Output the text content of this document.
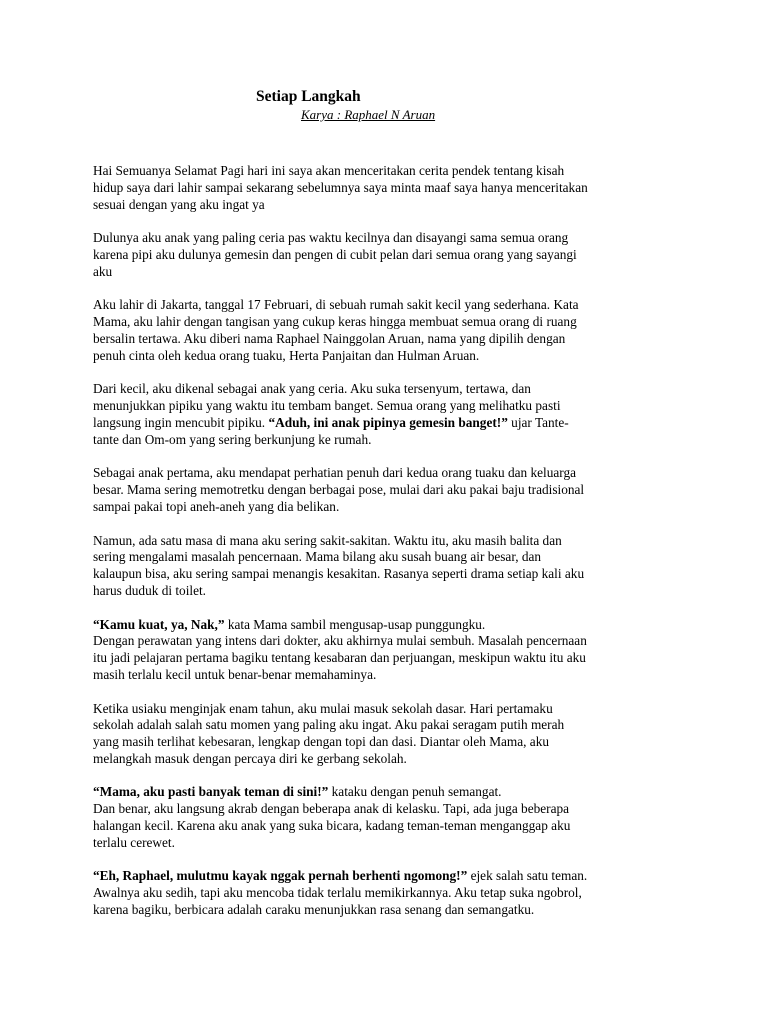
Setiap Langkah
Karya : Raphael N Aruan

Hai Semuanya Selamat Pagi hari ini saya akan menceritakan cerita pendek tentang kisah
hidup saya dari lahir sampai sekarang sebelumnya saya minta maaf saya hanya menceritakan
sesuai dengan yang aku ingat ya

Dulunya aku anak yang paling ceria pas waktu kecilnya dan disayangi sama semua orang
karena pipi aku dulunya gemesin dan pengen di cubit pelan dari semua orang yang sayangi
aku

Aku lahir di Jakarta, tanggal 17 Februari, di sebuah rumah sakit kecil yang sederhana. Kata
Mama, aku lahir dengan tangisan yang cukup keras hingga membuat semua orang di ruang
bersalin tertawa. Aku diberi nama Raphael Nainggolan Aruan, nama yang dipilih dengan
penuh cinta oleh kedua orang tuaku, Herta Panjaitan dan Hulman Aruan.

Dari kecil, aku dikenal sebagai anak yang ceria. Aku suka tersenyum, tertawa, dan
menunjukkan pipiku yang waktu itu tembam banget. Semua orang yang melihatku pasti
langsung ingin mencubit pipiku. “Aduh, ini anak pipinya gemesin banget!” ujar Tante-
tante dan Om-om yang sering berkunjung ke rumah.

Sebagai anak pertama, aku mendapat perhatian penuh dari kedua orang tuaku dan keluarga
besar. Mama sering memotretku dengan berbagai pose, mulai dari aku pakai baju tradisional
sampai pakai topi aneh-aneh yang dia belikan.

Namun, ada satu masa di mana aku sering sakit-sakitan. Waktu itu, aku masih balita dan
sering mengalami masalah pencernaan. Mama bilang aku susah buang air besar, dan
kalaupun bisa, aku sering sampai menangis kesakitan. Rasanya seperti drama setiap kali aku
harus duduk di toilet.

“Kamu kuat, ya, Nak,” kata Mama sambil mengusap-usap punggungku.
Dengan perawatan yang intens dari dokter, aku akhirnya mulai sembuh. Masalah pencernaan
itu jadi pelajaran pertama bagiku tentang kesabaran dan perjuangan, meskipun waktu itu aku
masih terlalu kecil untuk benar-benar memahaminya.

Ketika usiaku menginjak enam tahun, aku mulai masuk sekolah dasar. Hari pertamaku
sekolah adalah salah satu momen yang paling aku ingat. Aku pakai seragam putih merah
yang masih terlihat kebesaran, lengkap dengan topi dan dasi. Diantar oleh Mama, aku
melangkah masuk dengan percaya diri ke gerbang sekolah.

“Mama, aku pasti banyak teman di sini!” kataku dengan penuh semangat.
Dan benar, aku langsung akrab dengan beberapa anak di kelasku. Tapi, ada juga beberapa
halangan kecil. Karena aku anak yang suka bicara, kadang teman-teman menganggap aku
terlalu cerewet.

“Eh, Raphael, mulutmu kayak nggak pernah berhenti ngomong!” ejek salah satu teman.
Awalnya aku sedih, tapi aku mencoba tidak terlalu memikirkannya. Aku tetap suka ngobrol,
karena bagiku, berbicara adalah caraku menunjukkan rasa senang dan semangatku.
